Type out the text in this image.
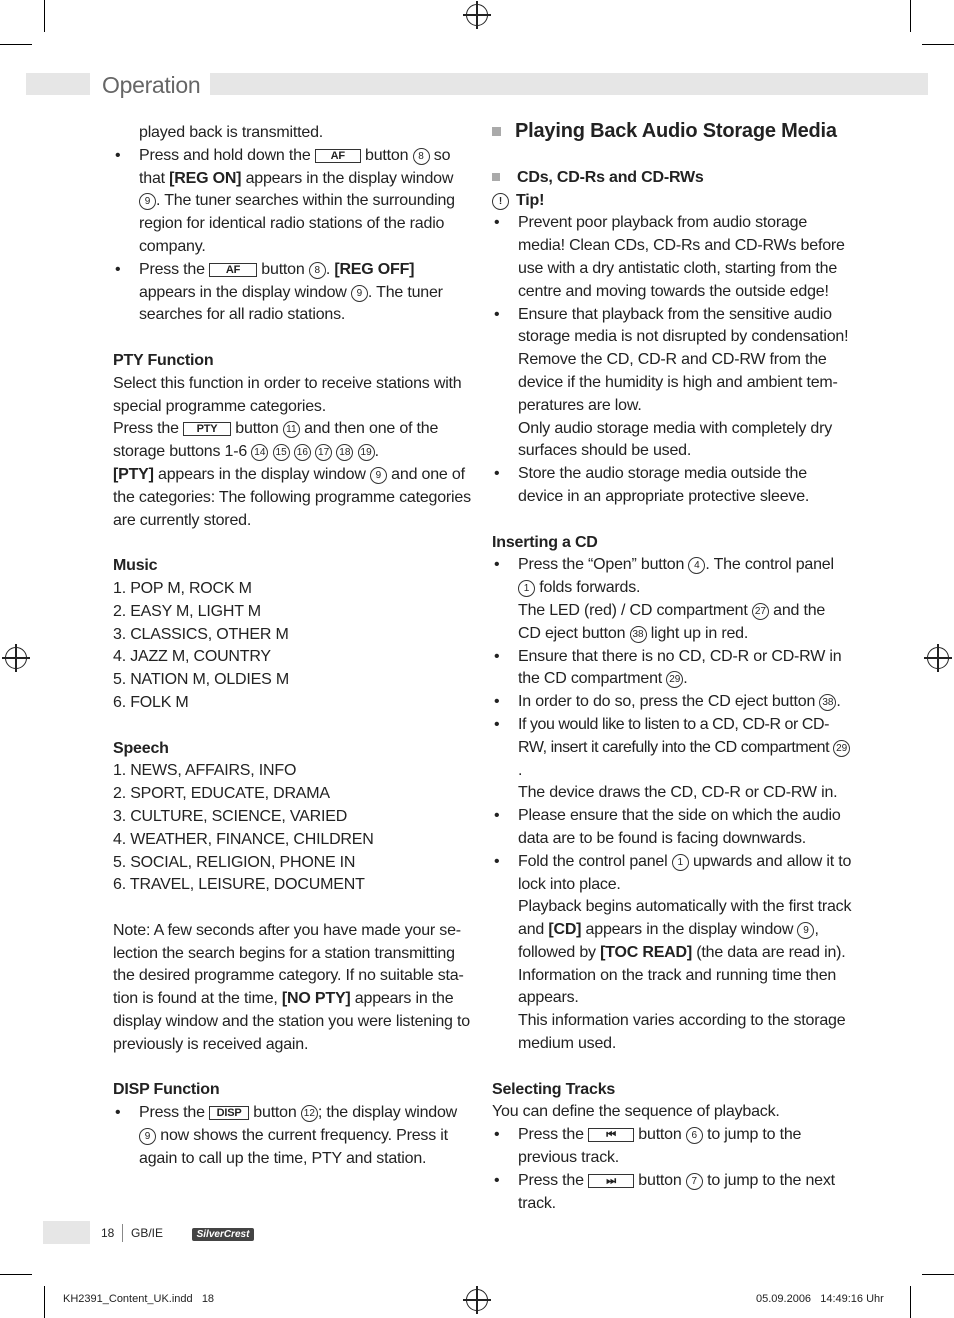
Operation

played back is transmitted.

• Press and hold down the AF button 8 so that [REG ON] appears in the display window 9 . The tuner searches within the surrounding region for identical radio stations of the radio company.

• Press the AF button 8 . [REG OFF] appears in the display window 9 . The tuner searches for all radio stations.

PTY Function

Select this function in order to receive stations with special programme categories.

Press the PTY button 11 and then one of the storage buttons 1-6 14 15 16 17 18 19 .

[PTY] appears in the display window 9 and one of the categories: The following programme categories are currently stored.

Music

1. POP M, ROCK M

2. EASY M, LIGHT M

3. CLASSICS, OTHER M

4. JAZZ M, COUNTRY

5. NATION M, OLDIES M

6. FOLK M

Speech

1. NEWS, AFFAIRS, INFO

2. SPORT, EDUCATE, DRAMA

3. CULTURE, SCIENCE, VARIED

4. WEATHER, FINANCE, CHILDREN

5. SOCIAL, RELIGION, PHONE IN

6. TRAVEL, LEISURE, DOCUMENT

Note: A few seconds after you have made your se-lection the search begins for a station transmitting the desired programme category. If no suitable sta-tion is found at the time, [NO PTY] appears in the display window and the station you were listening to previously is received again.

DISP Function

• Press the DISP button 12 ; the display window 9 now shows the current frequency. Press it again to call up the time, PTY and station.

Playing Back Audio Storage Media

CDs, CD-Rs and CD-RWs

! Tip!

• Prevent poor playback from audio storage media! Clean CDs, CD-Rs and CD-RWs before use with a dry antistatic cloth, starting from the centre and moving towards the outside edge!

• Ensure that playback from the sensitive audio storage media is not disrupted by condensation! Remove the CD, CD-R and CD-RW from the device if the humidity is high and ambient tem-peratures are low.

Only audio storage media with completely dry surfaces should be used.

• Store the audio storage media outside the device in an appropriate protective sleeve.

Inserting a CD

• Press the “Open” button 4 . The control panel 1 folds forwards.

The LED (red) / CD compartment 27 and the CD eject button 38 light up in red.

• Ensure that there is no CD, CD-R or CD-RW in the CD compartment 29 .

• In order to do so, press the CD eject button 38 .

• If you would like to listen to a CD, CD-R or CD-RW, insert it carefully into the CD compartment 29.

The device draws the CD, CD-R or CD-RW in.

• Please ensure that the side on which the audio data are to be found is facing downwards.

• Fold the control panel 1 upwards and allow it to lock into place.

Playback begins automatically with the first track and [CD] appears in the display window 9 , followed by [TOC READ] (the data are read in). Information on the track and running time then appears.

This information varies according to the storage medium used.

Selecting Tracks

You can define the sequence of playback.

• Press the ⏮ button 6 to jump to the previous track.

• Press the ⏭ button 7 to jump to the next track.

18 GB/IE	SilverCrest
KH2391_Content_UK.indd   18	05.09.2006   14:49:16 Uhr
